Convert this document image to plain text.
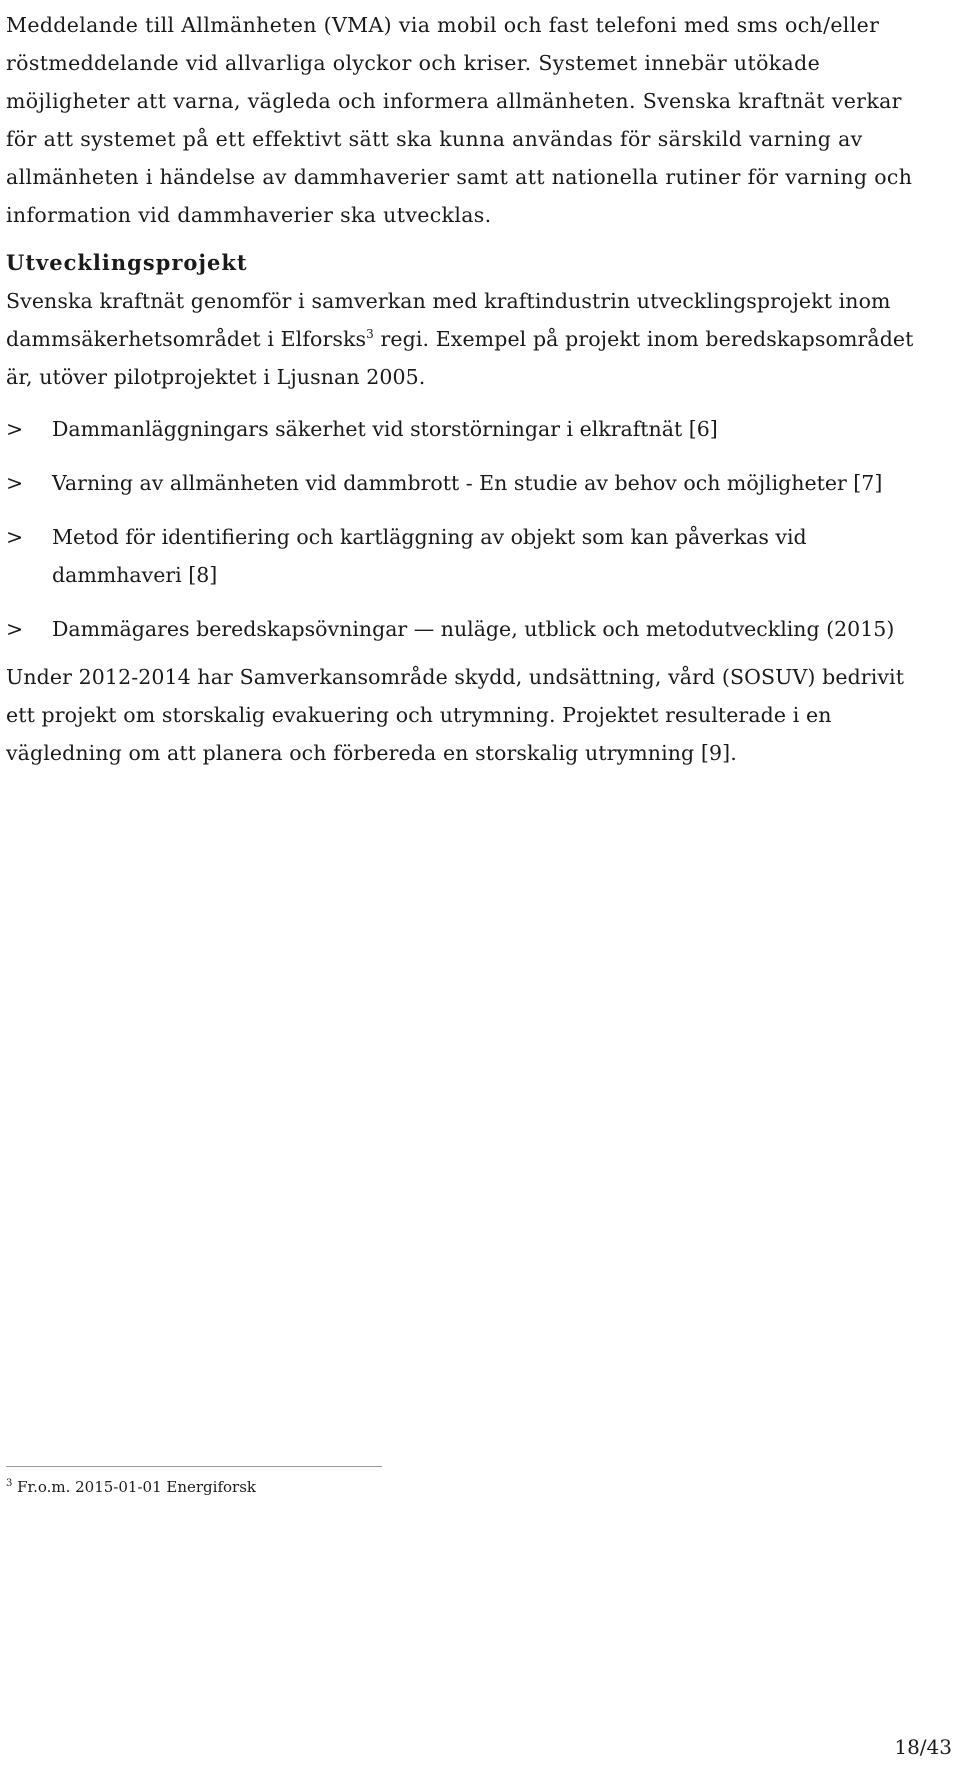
Meddelande till Allmänheten (VMA) via mobil och fast telefoni med sms och/eller röstmeddelande vid allvarliga olyckor och kriser. Systemet innebär utökade möjligheter att varna, vägleda och informera allmänheten. Svenska kraftnät verkar för att systemet på ett effektivt sätt ska kunna användas för särskild varning av allmänheten i händelse av dammhaverier samt att nationella rutiner för varning och information vid dammhaverier ska utvecklas.

Utvecklingsprojekt

Svenska kraftnät genomför i samverkan med kraftindustrin utvecklingsprojekt inom dammsäkerhetsområdet i Elforsks$^3$ regi. Exempel på projekt inom beredskapsområdet är, utöver pilotprojektet i Ljusnan 2005.

>	Dammanläggningars säkerhet vid storstörningar i elkraftnät [6]
>	Varning av allmänheten vid dammbrott - En studie av behov och möjligheter [7]
>	Metod för identifiering och kartläggning av objekt som kan påverkas vid dammhaveri [8]
>	Dammägares beredskapsövningar — nuläge, utblick och metodutveckling (2015)

Under 2012-2014 har Samverkansområde skydd, undsättning, vård (SOSUV) bedrivit ett projekt om storskalig evakuering och utrymning. Projektet resulterade i en vägledning om att planera och förbereda en storskalig utrymning [9].

$^3$ Fr.o.m. 2015-01-01 Energiforsk
18/43
